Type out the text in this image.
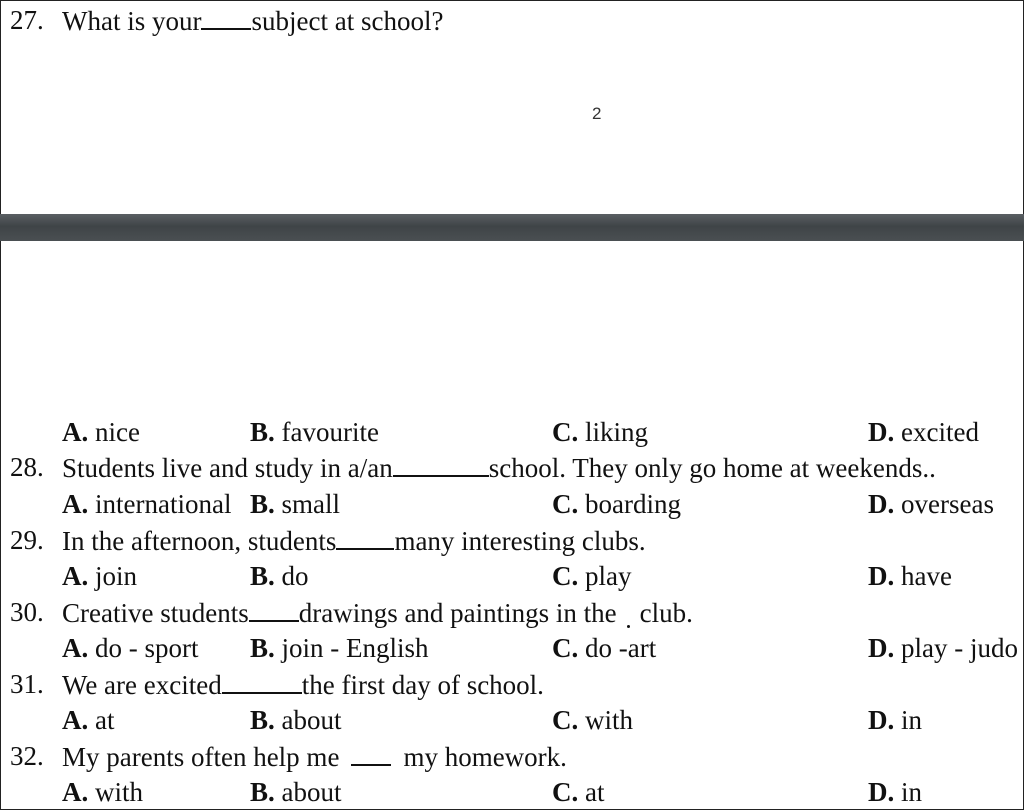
27. What is your subject at school?
2
A. nice	B. favourite	C. liking	D. excited
28. Students live and study in a/an	school. They only go home at weekends..
A. international B. small	C. boarding	D. overseas
29. In the afternoon, students many interesting clubs.
A. join	B. do	C. play	D. have
30. Creative students drawings and paintings in the club.
A. do - sport B. join - English	C. do -art	D. play - judo
31. We are excited	the first day of school.
A. at	B. about	C. with	D. in
32. My parents often help me my homework.
A. with	B. about	C. at	D. in
